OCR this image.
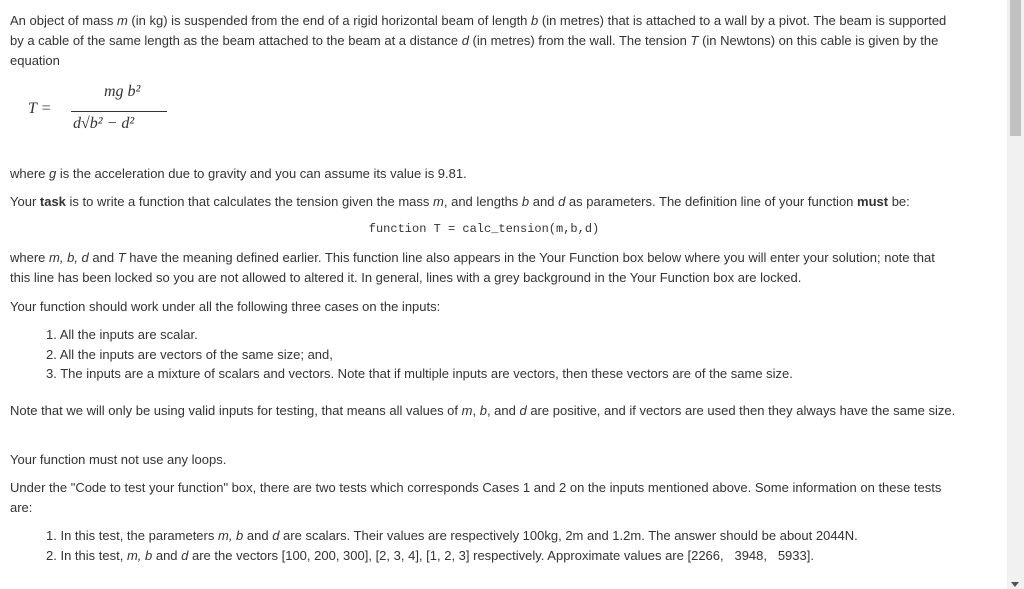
An object of mass m (in kg) is suspended from the end of a rigid horizontal beam of length b (in metres) that is attached to a wall by a pivot. The beam is supported by a cable of the same length as the beam attached to the beam at a distance d (in metres) from the wall. The tension T (in Newtons) on this cable is given by the equation

T =
mg b²
d√b² − d²

where g is the acceleration due to gravity and you can assume its value is 9.81.

Your task is to write a function that calculates the tension given the mass m, and lengths b and d as parameters. The definition line of your function must be:

function T = calc_tension(m,b,d)

where m, b, d and T have the meaning defined earlier. This function line also appears in the Your Function box below where you will enter your solution; note that this line has been locked so you are not allowed to altered it. In general, lines with a grey background in the Your Function box are locked.

Your function should work under all the following three cases on the inputs:

1. All the inputs are scalar.
2. All the inputs are vectors of the same size; and,
3. The inputs are a mixture of scalars and vectors. Note that if multiple inputs are vectors, then these vectors are of the same size.

Note that we will only be using valid inputs for testing, that means all values of m, b, and d are positive, and if vectors are used then they always have the same size.

Your function must not use any loops.

Under the "Code to test your function" box, there are two tests which corresponds Cases 1 and 2 on the inputs mentioned above. Some information on these tests are:

1. In this test, the parameters m, b and d are scalars. Their values are respectively 100kg, 2m and 1.2m. The answer should be about 2044N.
2. In this test, m, b and d are the vectors [100, 200, 300], [2, 3, 4], [1, 2, 3] respectively. Approximate values are [2266,   3948,   5933].
